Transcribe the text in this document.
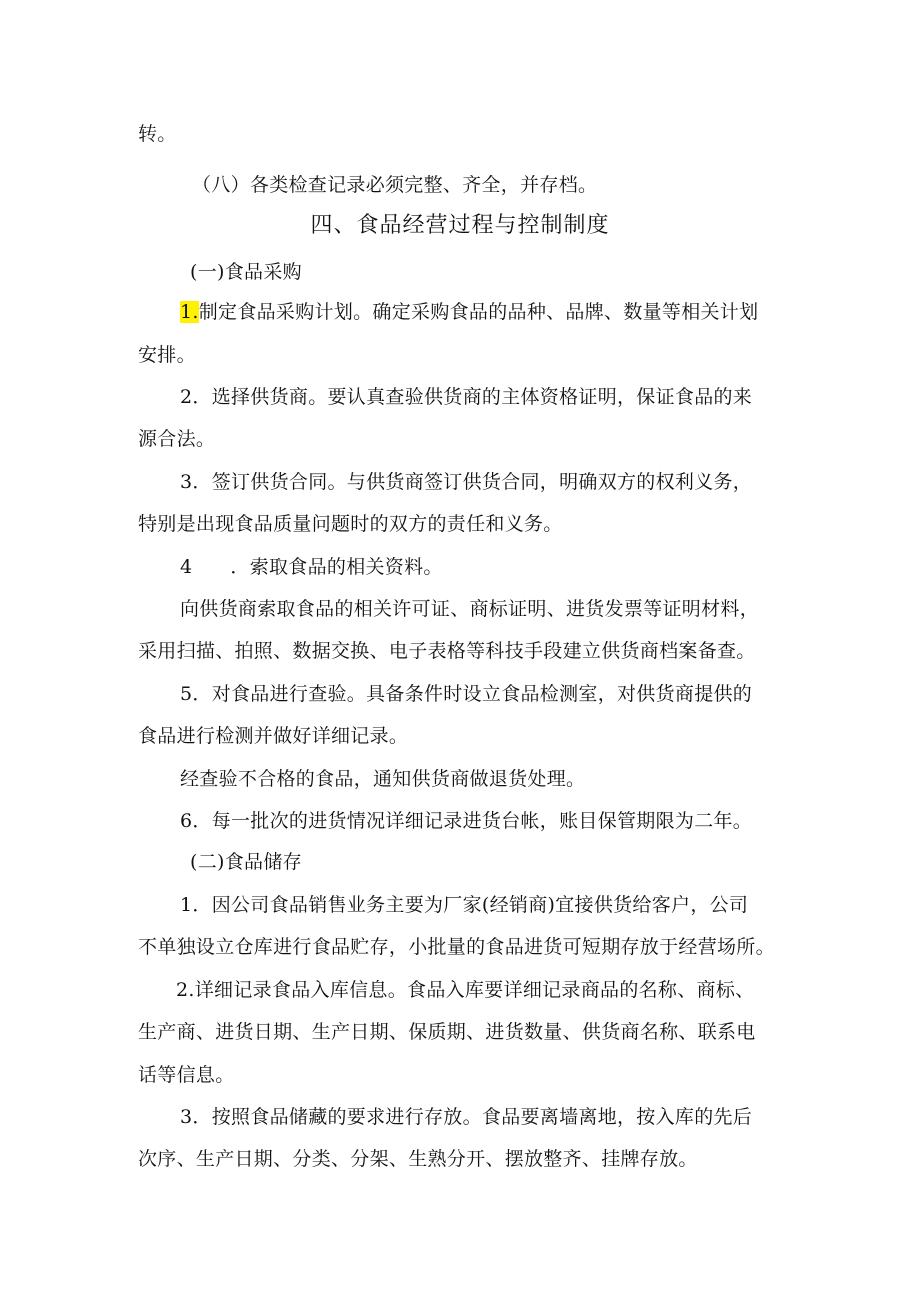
转。
（八）各类检查记录必须完整、齐全，并存档。
四、食品经营过程与控制制度
(一)食品采购
1.制定食品采购计划。确定采购食品的品种、品牌、数量等相关计划
安排。
2．选择供货商。要认真查验供货商的主体资格证明，保证食品的来
源合法。
3．签订供货合同。与供货商签订供货合同，明确双方的权利义务，
特别是出现食品质量问题时的双方的责任和义务。
4 ．索取食品的相关资料。
向供货商索取食品的相关许可证、商标证明、进货发票等证明材料，
采用扫描、拍照、数据交换、电子表格等科技手段建立供货商档案备查。
5．对食品进行查验。具备条件时设立食品检测室，对供货商提供的
食品进行检测并做好详细记录。
经查验不合格的食品，通知供货商做退货处理。
6．每一批次的进货情况详细记录进货台帐，账目保管期限为二年。
(二)食品储存
1．因公司食品销售业务主要为厂家(经销商)宜接供货给客户，公司
不单独设立仓库进行食品贮存，小批量的食品进货可短期存放于经营场所。
2.详细记录食品入库信息。食品入库要详细记录商品的名称、商标、
生产商、进货日期、生产日期、保质期、进货数量、供货商名称、联系电
话等信息。
3．按照食品储藏的要求进行存放。食品要离墙离地，按入库的先后
次序、生产日期、分类、分架、生熟分开、摆放整齐、挂牌存放。
